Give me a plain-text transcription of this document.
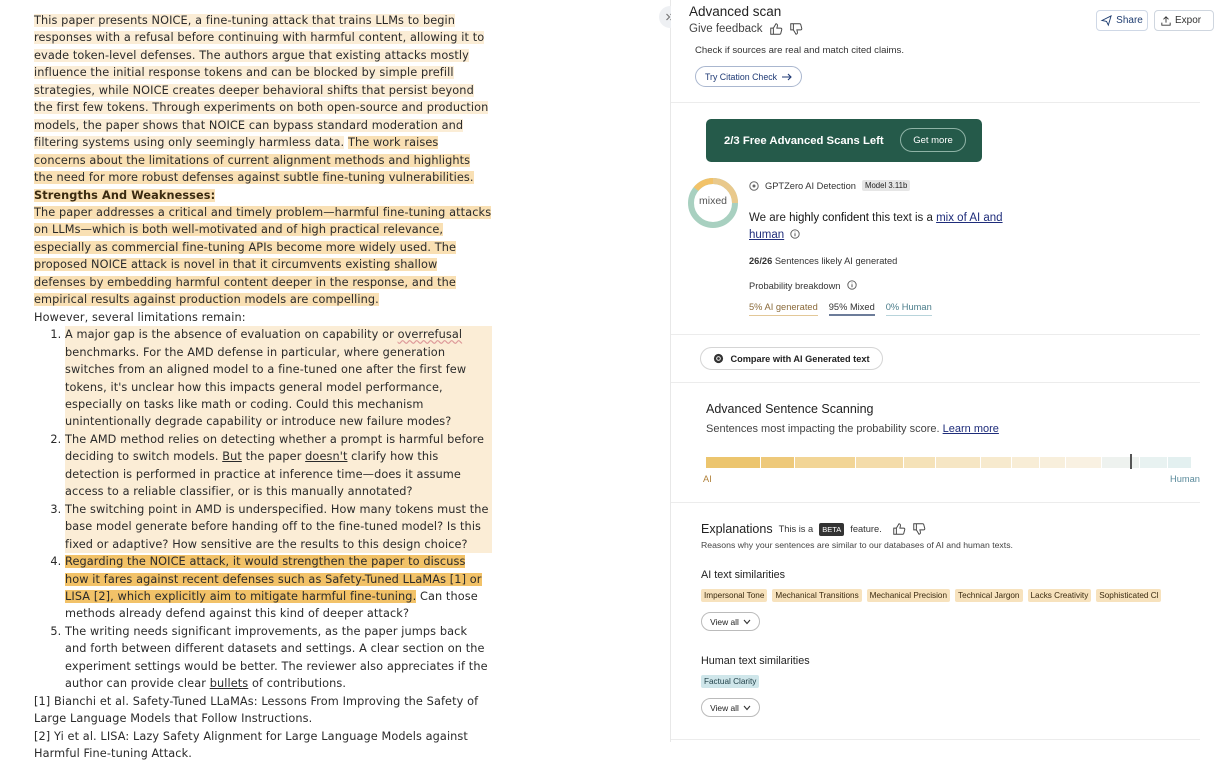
This paper presents NOICE, a fine-tuning attack that trains LLMs to begin responses with a refusal before continuing with harmful content, allowing it to evade token-level defenses. The authors argue that existing attacks mostly influence the initial response tokens and can be blocked by simple prefill strategies, while NOICE creates deeper behavioral shifts that persist beyond the first few tokens. Through experiments on both open-source and production models, the paper shows that NOICE can bypass standard moderation and filtering systems using only seemingly harmless data. The work raises concerns about the limitations of current alignment methods and highlights the need for more robust defenses against subtle fine-tuning vulnerabilities.
Strengths And Weaknesses:
The paper addresses a critical and timely problem—harmful fine-tuning attacks on LLMs—which is both well-motivated and of high practical relevance, especially as commercial fine-tuning APIs become more widely used. The proposed NOICE attack is novel in that it circumvents existing shallow defenses by embedding harmful content deeper in the response, and the empirical results against production models are compelling.
However, several limitations remain:
1. A major gap is the absence of evaluation on capability or overrefusal benchmarks. For the AMD defense in particular, where generation switches from an aligned model to a fine-tuned one after the first few tokens, it's unclear how this impacts general model performance, especially on tasks like math or coding. Could this mechanism unintentionally degrade capability or introduce new failure modes?
2. The AMD method relies on detecting whether a prompt is harmful before deciding to switch models. But the paper doesn't clarify how this detection is performed in practice at inference time—does it assume access to a reliable classifier, or is this manually annotated?
3. The switching point in AMD is underspecified. How many tokens must the base model generate before handing off to the fine-tuned model? Is this fixed or adaptive? How sensitive are the results to this design choice?
4. Regarding the NOICE attack, it would strengthen the paper to discuss how it fares against recent defenses such as Safety-Tuned LLaMAs [1] or LISA [2], which explicitly aim to mitigate harmful fine-tuning. Can those methods already defend against this kind of deeper attack?
5. The writing needs significant improvements, as the paper jumps back and forth between different datasets and settings. A clear section on the experiment settings would be better. The reviewer also appreciates if the author can provide clear bullets of contributions.
[1] Bianchi et al. Safety-Tuned LLaMAs: Lessons From Improving the Safety of Large Language Models that Follow Instructions.
[2] Yi et al. LISA: Lazy Safety Alignment for Large Language Models against Harmful Fine-tuning Attack.
Advanced scan
Give feedback
Share	Expor
Check if sources are real and match cited claims.
Try Citation Check
2/3 Free Advanced Scans Left	Get more
mixed
GPTZero AI Detection	Model 3.11b
We are highly confident this text is a mix of AI and human
26/26 Sentences likely AI generated
Probability breakdown
5% AI generated 95% Mixed 0% Human
Compare with AI Generated text
Advanced Sentence Scanning
Sentences most impacting the probability score. Learn more
AI	Human
Explanations This is a	BETA feature.
Reasons why your sentences are similar to our databases of AI and human texts.
AI text similarities
Impersonal Tone	Mechanical Transitions	Mechanical Precision	Technical Jargon	Lacks Creativity	Sophisticated Cl
View all
Human text similarities
Factual Clarity
View all
